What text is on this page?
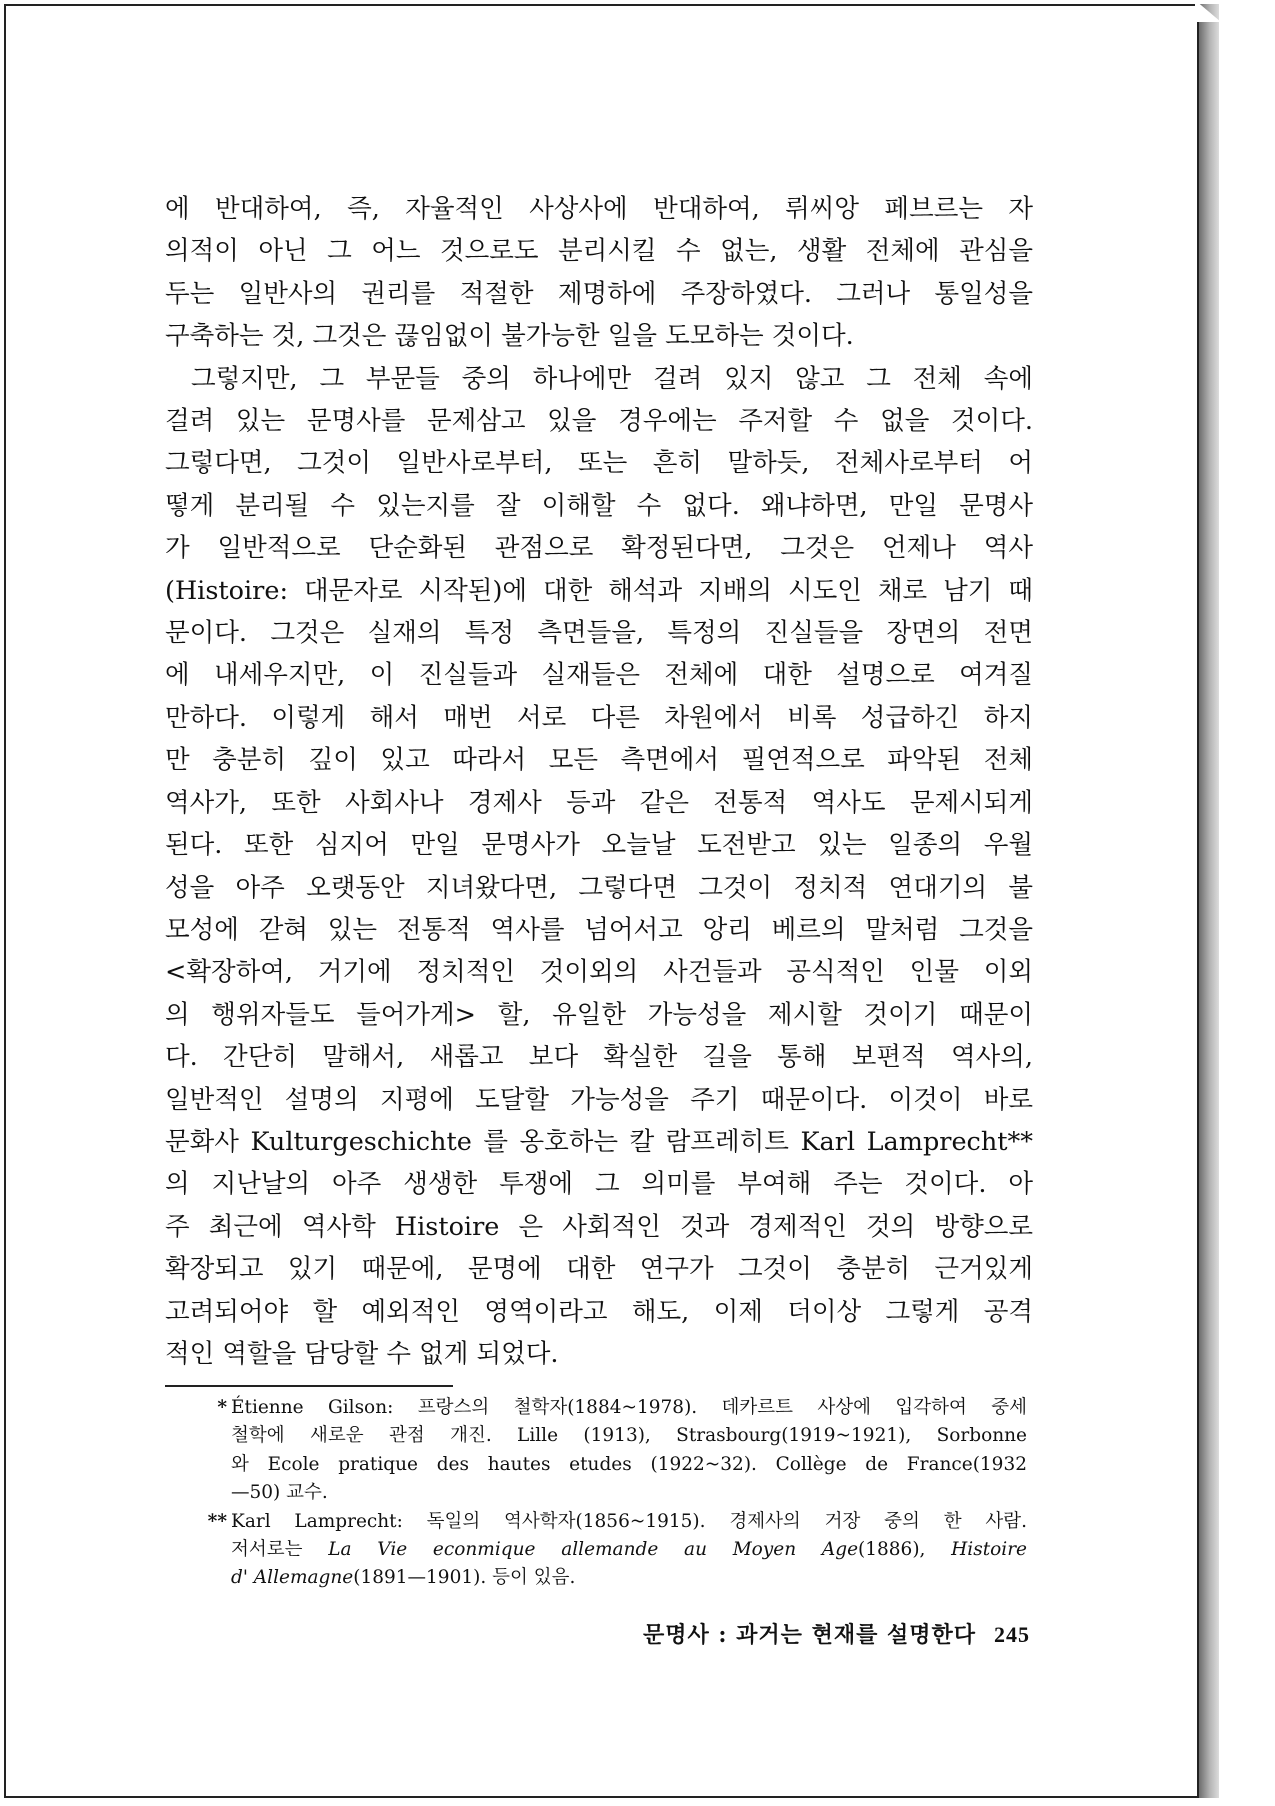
에 반대하여, 즉, 자율적인 사상사에 반대하여, 뤼씨앙 페브르는 자
의적이 아닌 그 어느 것으로도 분리시킬 수 없는, 생활 전체에 관심을
두는 일반사의 권리를 적절한 제명하에 주장하였다. 그러나 통일성을
구축하는 것, 그것은 끊임없이 불가능한 일을 도모하는 것이다.

그렇지만, 그 부문들 중의 하나에만 걸려 있지 않고 그 전체 속에
걸려 있는 문명사를 문제삼고 있을 경우에는 주저할 수 없을 것이다.
그렇다면, 그것이 일반사로부터, 또는 흔히 말하듯, 전체사로부터 어
떻게 분리될 수 있는지를 잘 이해할 수 없다. 왜냐하면, 만일 문명사
가 일반적으로 단순화된 관점으로 확정된다면, 그것은 언제나 역사
(Histoire: 대문자로 시작된)에 대한 해석과 지배의 시도인 채로 남기 때
문이다. 그것은 실재의 특정 측면들을, 특정의 진실들을 장면의 전면
에 내세우지만, 이 진실들과 실재들은 전체에 대한 설명으로 여겨질
만하다. 이렇게 해서 매번 서로 다른 차원에서 비록 성급하긴 하지
만 충분히 깊이 있고 따라서 모든 측면에서 필연적으로 파악된 전체
역사가, 또한 사회사나 경제사 등과 같은 전통적 역사도 문제시되게
된다. 또한 심지어 만일 문명사가 오늘날 도전받고 있는 일종의 우월
성을 아주 오랫동안 지녀왔다면, 그렇다면 그것이 정치적 연대기의 불
모성에 갇혀 있는 전통적 역사를 넘어서고 앙리 베르의 말처럼 그것을
<확장하여, 거기에 정치적인 것이외의 사건들과 공식적인 인물 이외
의 행위자들도 들어가게> 할, 유일한 가능성을 제시할 것이기 때문이
다. 간단히 말해서, 새롭고 보다 확실한 길을 통해 보편적 역사의,
일반적인 설명의 지평에 도달할 가능성을 주기 때문이다. 이것이 바로
문화사 Kulturgeschichte 를 옹호하는 칼 람프레히트 Karl Lamprecht**
의 지난날의 아주 생생한 투쟁에 그 의미를 부여해 주는 것이다. 아
주 최근에 역사학 Histoire 은 사회적인 것과 경제적인 것의 방향으로
확장되고 있기 때문에, 문명에 대한 연구가 그것이 충분히 근거있게
고려되어야 할 예외적인 영역이라고 해도, 이제 더이상 그렇게 공격
적인 역할을 담당할 수 없게 되었다.

* Étienne Gilson: 프랑스의 철학자(1884~1978). 데카르트 사상에 입각하여 중세
철학에 새로운 관점 개진. Lille (1913), Strasbourg(1919~1921), Sorbonne
와 Ecole pratique des hautes etudes (1922~32). Collège de France(1932
—50) 교수.
** Karl Lamprecht: 독일의 역사학자(1856~1915). 경제사의 거장 중의 한 사람.
저서로는 La Vie econmique allemande au Moyen Age(1886), Histoire
d' Allemagne(1891—1901). 등이 있음.
문명사 : 과거는 현재를 설명한다 245
